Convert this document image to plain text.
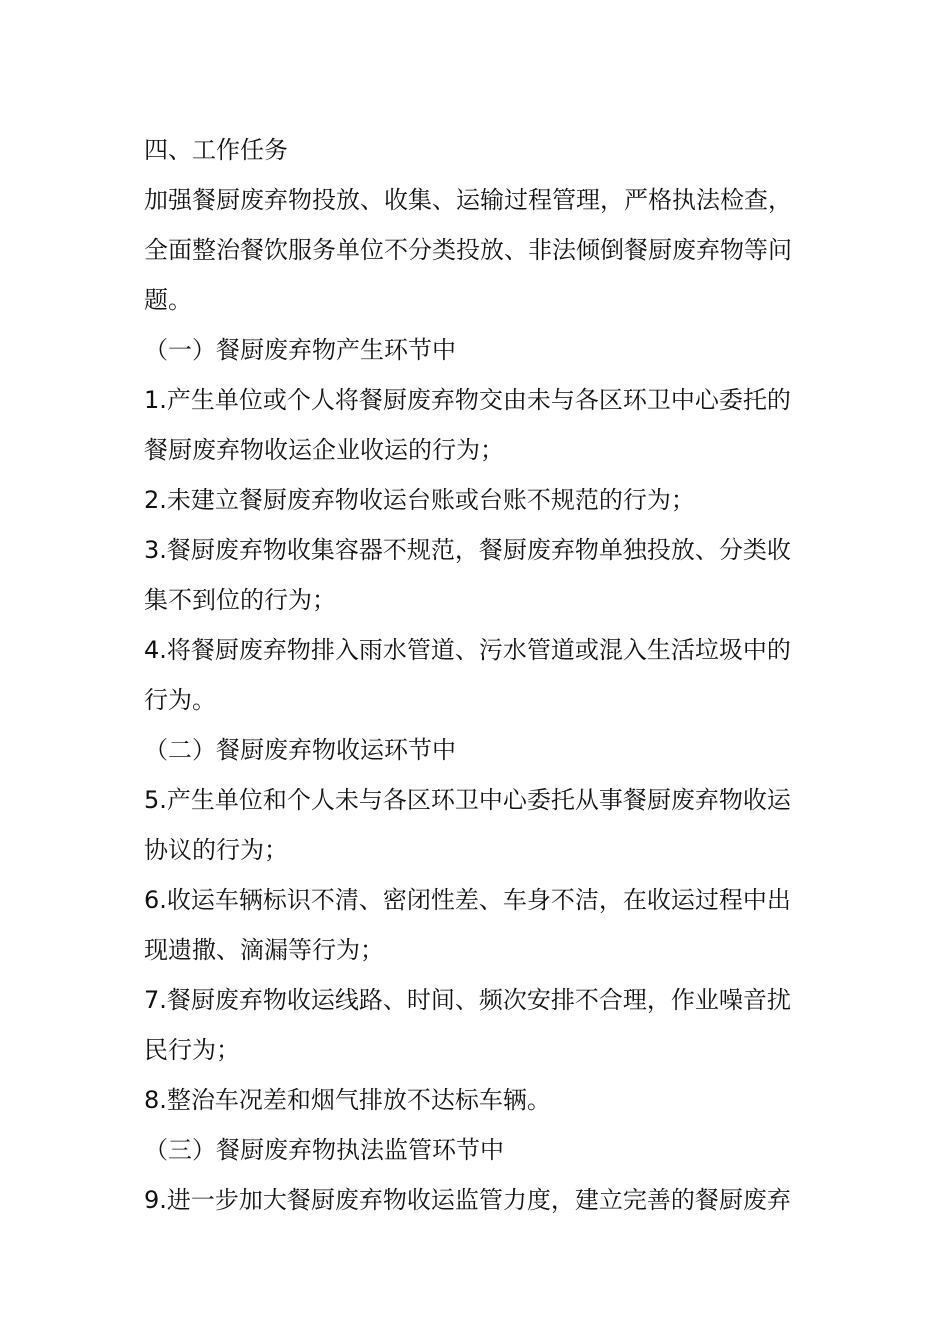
四、工作任务
加强餐厨废弃物投放、收集、运输过程管理，严格执法检查，
全面整治餐饮服务单位不分类投放、非法倾倒餐厨废弃物等问
题。
（一）餐厨废弃物产生环节中
1.产生单位或个人将餐厨废弃物交由未与各区环卫中心委托的
餐厨废弃物收运企业收运的行为；
2.未建立餐厨废弃物收运台账或台账不规范的行为；
3.餐厨废弃物收集容器不规范，餐厨废弃物单独投放、分类收
集不到位的行为；
4.将餐厨废弃物排入雨水管道、污水管道或混入生活垃圾中的
行为。
（二）餐厨废弃物收运环节中
5.产生单位和个人未与各区环卫中心委托从事餐厨废弃物收运
协议的行为；
6.收运车辆标识不清、密闭性差、车身不洁，在收运过程中出
现遗撒、滴漏等行为；
7.餐厨废弃物收运线路、时间、频次安排不合理，作业噪音扰
民行为；
8.整治车况差和烟气排放不达标车辆。
（三）餐厨废弃物执法监管环节中
9.进一步加大餐厨废弃物收运监管力度，建立完善的餐厨废弃
